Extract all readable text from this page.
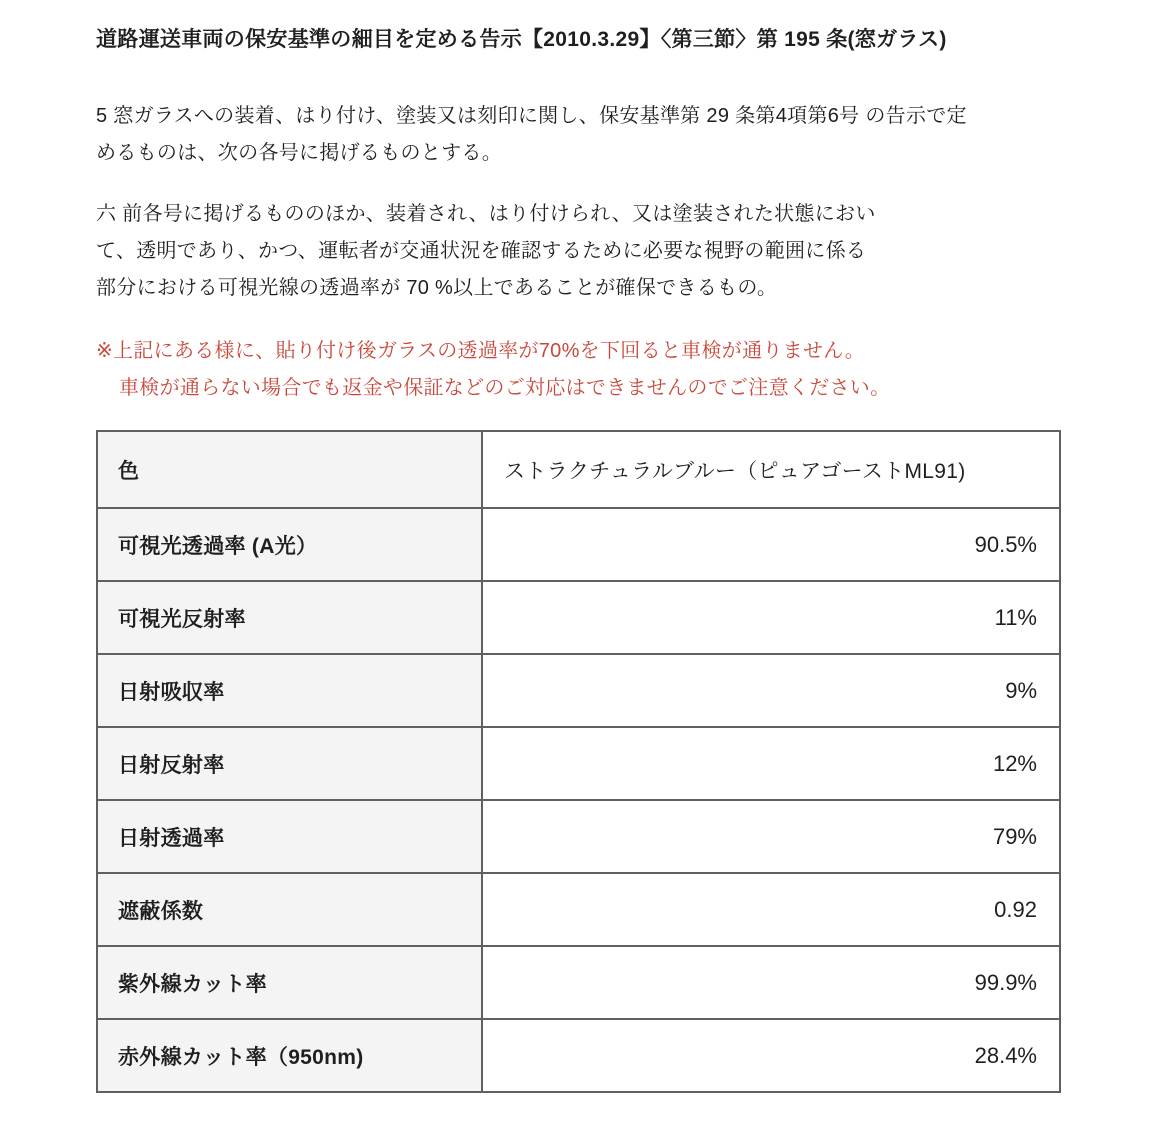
道路運送車両の保安基準の細目を定める告示【2010.3.29】〈第三節〉第 195 条(窓ガラス)

5 窓ガラスへの装着、はり付け、塗装又は刻印に関し、保安基準第 29 条第4項第6号 の告示で定
めるものは、次の各号に掲げるものとする。

六 前各号に掲げるもののほか、装着され、はり付けられ、又は塗装された状態におい
て、透明であり、かつ、運転者が交通状況を確認するために必要な視野の範囲に係る
部分における可視光線の透過率が 70 %以上であることが確保できるもの。

※上記にある様に、貼り付け後ガラスの透過率が70%を下回ると車検が通りません。
車検が通らない場合でも返金や保証などのご対応はできませんのでご注意ください。

色	ストラクチュラルブルー（ピュアゴーストML91)
可視光透過率 (A光）	90.5%
可視光反射率	11%
日射吸収率	9%
日射反射率	12%
日射透過率	79%
遮蔽係数	0.92
紫外線カット率	99.9%
赤外線カット率（950nm)	28.4%
